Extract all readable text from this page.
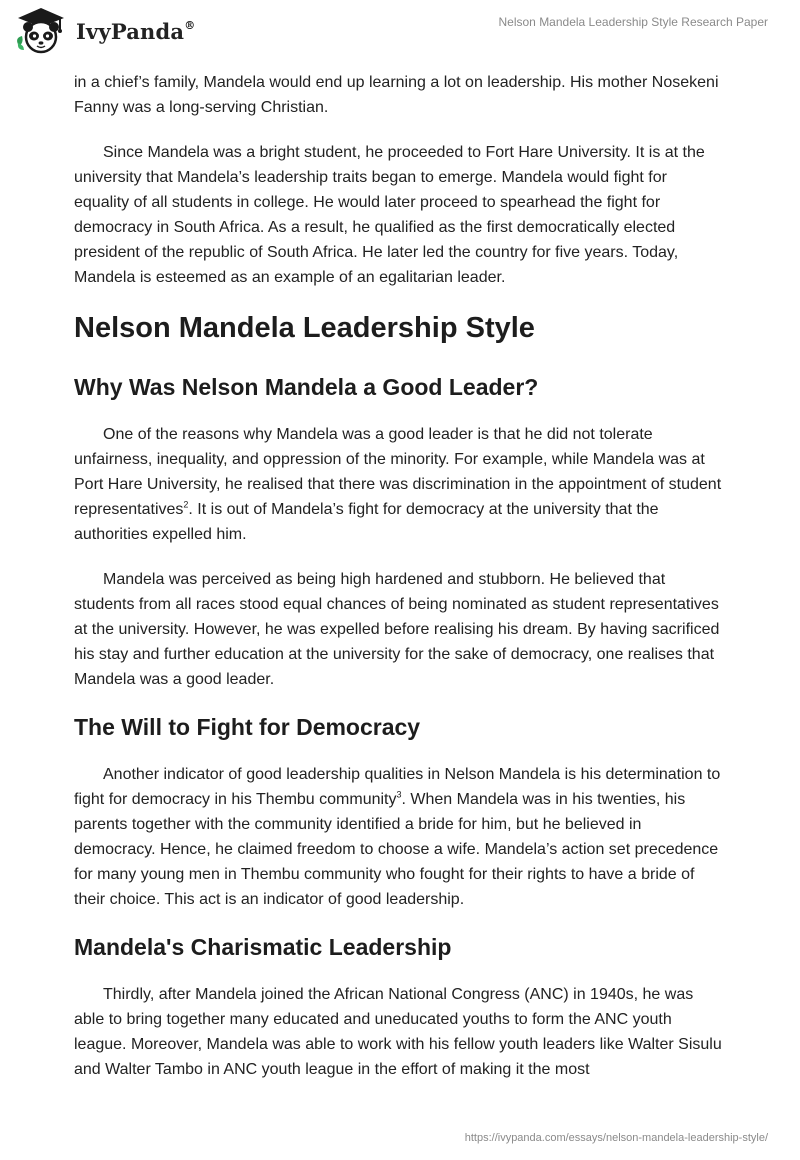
IvyPanda®	Nelson Mandela Leadership Style Research Paper

in a chief’s family, Mandela would end up learning a lot on leadership. His mother Nosekeni Fanny was a long-serving Christian.

Since Mandela was a bright student, he proceeded to Fort Hare University. It is at the university that Mandela’s leadership traits began to emerge. Mandela would fight for equality of all students in college. He would later proceed to spearhead the fight for democracy in South Africa. As a result, he qualified as the first democratically elected president of the republic of South Africa. He later led the country for five years. Today, Mandela is esteemed as an example of an egalitarian leader.

Nelson Mandela Leadership Style
Why Was Nelson Mandela a Good Leader?

One of the reasons why Mandela was a good leader is that he did not tolerate unfairness, inequality, and oppression of the minority. For example, while Mandela was at Port Hare University, he realised that there was discrimination in the appointment of student representatives$^2$. It is out of Mandela’s fight for democracy at the university that the authorities expelled him.

Mandela was perceived as being high hardened and stubborn. He believed that students from all races stood equal chances of being nominated as student representatives at the university. However, he was expelled before realising his dream. By having sacrificed his stay and further education at the university for the sake of democracy, one realises that Mandela was a good leader.

The Will to Fight for Democracy

Another indicator of good leadership qualities in Nelson Mandela is his determination to fight for democracy in his Thembu community$^3$. When Mandela was in his twenties, his parents together with the community identified a bride for him, but he believed in democracy. Hence, he claimed freedom to choose a wife. Mandela’s action set precedence for many young men in Thembu community who fought for their rights to have a bride of their choice. This act is an indicator of good leadership.

Mandela's Charismatic Leadership

Thirdly, after Mandela joined the African National Congress (ANC) in 1940s, he was able to bring together many educated and uneducated youths to form the ANC youth league. Moreover, Mandela was able to work with his fellow youth leaders like Walter Sisulu and Walter Tambo in ANC youth league in the effort of making it the most

https://ivypanda.com/essays/nelson-mandela-leadership-style/
